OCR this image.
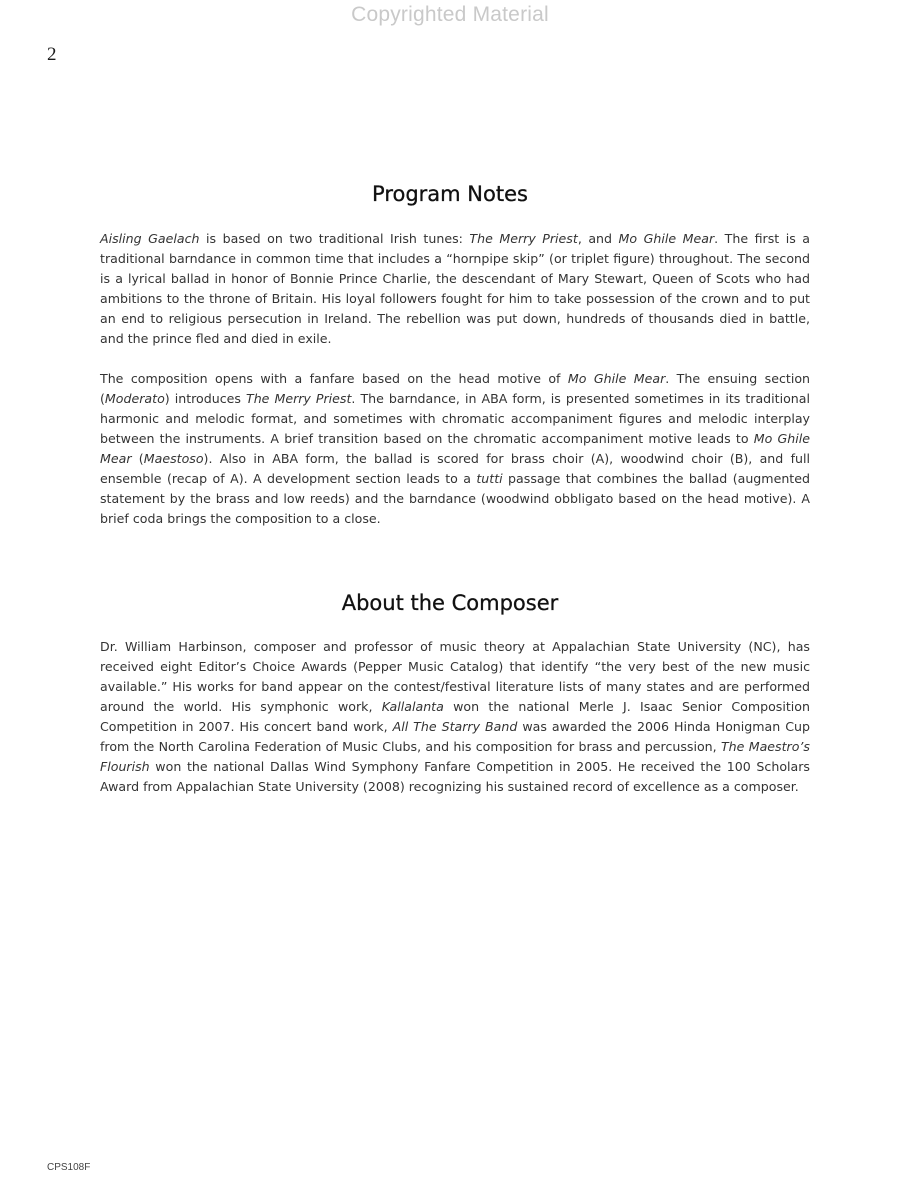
Copyrighted Material
2
Program Notes

Aisling Gaelach is based on two traditional Irish tunes: The Merry Priest, and Mo Ghile Mear. The first is a traditional barndance in common time that includes a “hornpipe skip” (or triplet figure) throughout. The second is a lyrical ballad in honor of Bonnie Prince Charlie, the descendant of Mary Stewart, Queen of Scots who had ambitions to the throne of Britain. His loyal followers fought for him to take possession of the crown and to put an end to religious persecution in Ireland. The rebellion was put down, hundreds of thousands died in battle, and the prince fled and died in exile.

The composition opens with a fanfare based on the head motive of Mo Ghile Mear. The ensuing section (Moderato) introduces The Merry Priest. The barndance, in ABA form, is presented sometimes in its traditional harmonic and melodic format, and sometimes with chromatic accompaniment figures and melodic interplay between the instruments. A brief transition based on the chromatic accompaniment motive leads to Mo Ghile Mear (Maestoso). Also in ABA form, the ballad is scored for brass choir (A), woodwind choir (B), and full ensemble (recap of A). A development section leads to a tutti passage that combines the ballad (augmented statement by the brass and low reeds) and the barndance (woodwind obbligato based on the head motive). A brief coda brings the composition to a close.

About the Composer

Dr. William Harbinson, composer and professor of music theory at Appalachian State University (NC), has received eight Editor’s Choice Awards (Pepper Music Catalog) that identify “the very best of the new music available.” His works for band appear on the contest/festival literature lists of many states and are performed around the world. His symphonic work, Kallalanta won the national Merle J. Isaac Senior Composition Competition in 2007. His concert band work, All The Starry Band was awarded the 2006 Hinda Honigman Cup from the North Carolina Federation of Music Clubs, and his composition for brass and percussion, The Maestro’s Flourish won the national Dallas Wind Symphony Fanfare Competition in 2005. He received the 100 Scholars Award from Appalachian State University (2008) recognizing his sustained record of excellence as a composer.

CPS108F
